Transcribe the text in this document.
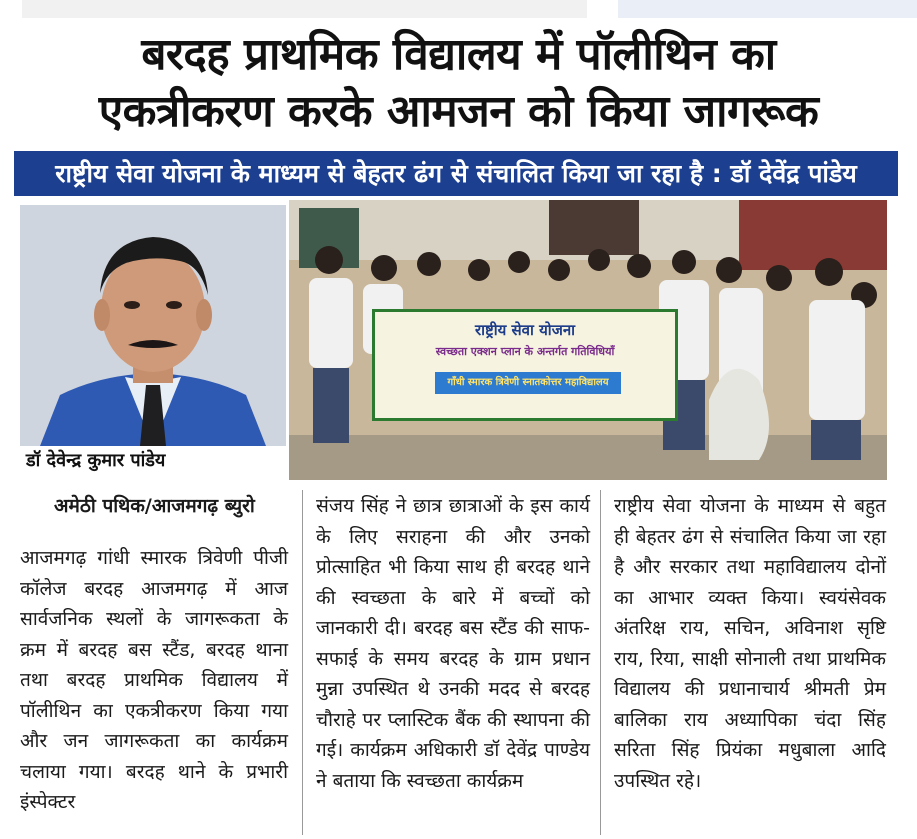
बरदह प्राथमिक विद्यालय में पॉलीथिन का
एकत्रीकरण करके आमजन को किया जागरूक
राष्ट्रीय सेवा योजना के माध्यम से बेहतर ढंग से संचालित किया जा रहा है : डॉ देवेंद्र पांडेय
डॉ देवेन्द्र कुमार पांडेय
राष्ट्रीय सेवा योजना
स्वच्छता एक्शन प्लान के अन्तर्गत गतिविधियाँ
गाँधी स्मारक त्रिवेणी स्नातकोत्तर महाविद्यालय
अमेठी पथिक/आजमगढ़ ब्युरो

आजमगढ़ गांधी स्मारक त्रिवेणी पीजी कॉलेज बरदह आजमगढ़ में आज सार्वजनिक स्थलों के जागरूकता के क्रम में बरदह बस स्टैंड, बरदह थाना तथा बरदह प्राथमिक विद्यालय में पॉलीथिन का एकत्रीकरण किया गया और जन जागरूकता का कार्यक्रम चलाया गया। बरदह थाने के प्रभारी इंस्पेक्टर

संजय सिंह ने छात्र छात्राओं के इस कार्य के लिए सराहना की और उनको प्रोत्साहित भी किया साथ ही बरदह थाने की स्वच्छता के बारे में बच्चों को जानकारी दी। बरदह बस स्टैंड की साफ-सफाई के समय बरदह के ग्राम प्रधान मुन्ना उपस्थित थे उनकी मदद से बरदह चौराहे पर प्लास्टिक बैंक की स्थापना की गई। कार्यक्रम अधिकारी डॉ देवेंद्र पाण्डेय ने बताया कि स्वच्छता कार्यक्रम

राष्ट्रीय सेवा योजना के माध्यम से बहुत ही बेहतर ढंग से संचालित किया जा रहा है और सरकार तथा महाविद्यालय दोनों का आभार व्यक्त किया। स्वयंसेवक अंतरिक्ष राय, सचिन, अविनाश सृष्टि राय, रिया, साक्षी सोनाली तथा प्राथमिक विद्यालय की प्रधानाचार्य श्रीमती प्रेम बालिका राय अध्यापिका चंदा सिंह सरिता सिंह प्रियंका मधुबाला आदि उपस्थित रहे।
